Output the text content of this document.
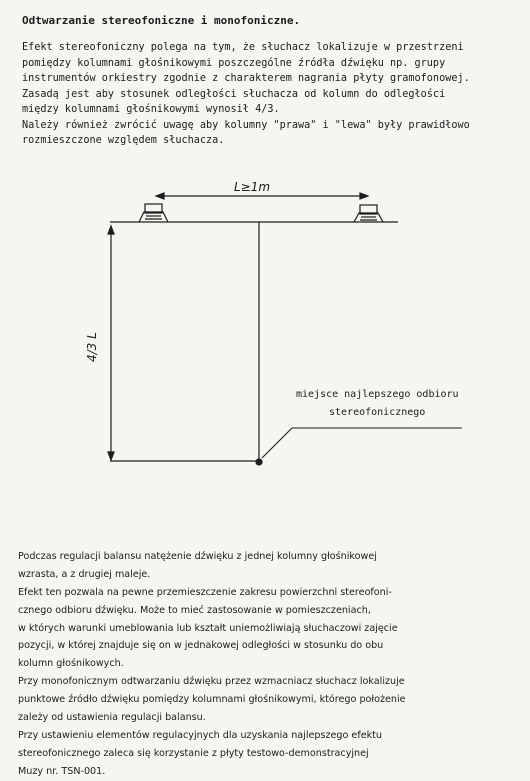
Odtwarzanie stereofoniczne i monofoniczne.
Efekt stereofoniczny polega na tym, że słuchacz lokalizuje w przestrzeni
pomiędzy kolumnami głośnikowymi poszczególne źródła dźwięku np. grupy
instrumentów orkiestry zgodnie z charakterem nagrania płyty gramofonowej.
Zasadą jest aby stosunek odległości słuchacza od kolumn do odległości
między kolumnami głośnikowymi wynosił 4/3.
Należy również zwrócić uwagę aby kolumny "prawa" i "lewa" były prawidłowo
rozmieszczone względem słuchacza.
L≥1m
4/3 L
miejsce najlepszego odbioru
stereofonicznego
Podczas regulacji balansu natężenie dźwięku z jednej kolumny głośnikowej
wzrasta, a z drugiej maleje.
Efekt ten pozwala na pewne przemieszczenie zakresu powierzchni stereofoni-
cznego odbioru dźwięku. Może to mieć zastosowanie w pomieszczeniach,
w których warunki umeblowania lub kształt uniemożliwiają słuchaczowi zajęcie
pozycji, w której znajduje się on w jednakowej odległości w stosunku do obu
kolumn głośnikowych.
Przy monofonicznym odtwarzaniu dźwięku przez wzmacniacz słuchacz lokalizuje
punktowe źródło dźwięku pomiędzy kolumnami głośnikowymi, którego położenie
zależy od ustawienia regulacji balansu.
Przy ustawieniu elementów regulacyjnych dla uzyskania najlepszego efektu
stereofonicznego zaleca się korzystanie z płyty testowo-demonstracyjnej
Muzy nr. TSN-001.
